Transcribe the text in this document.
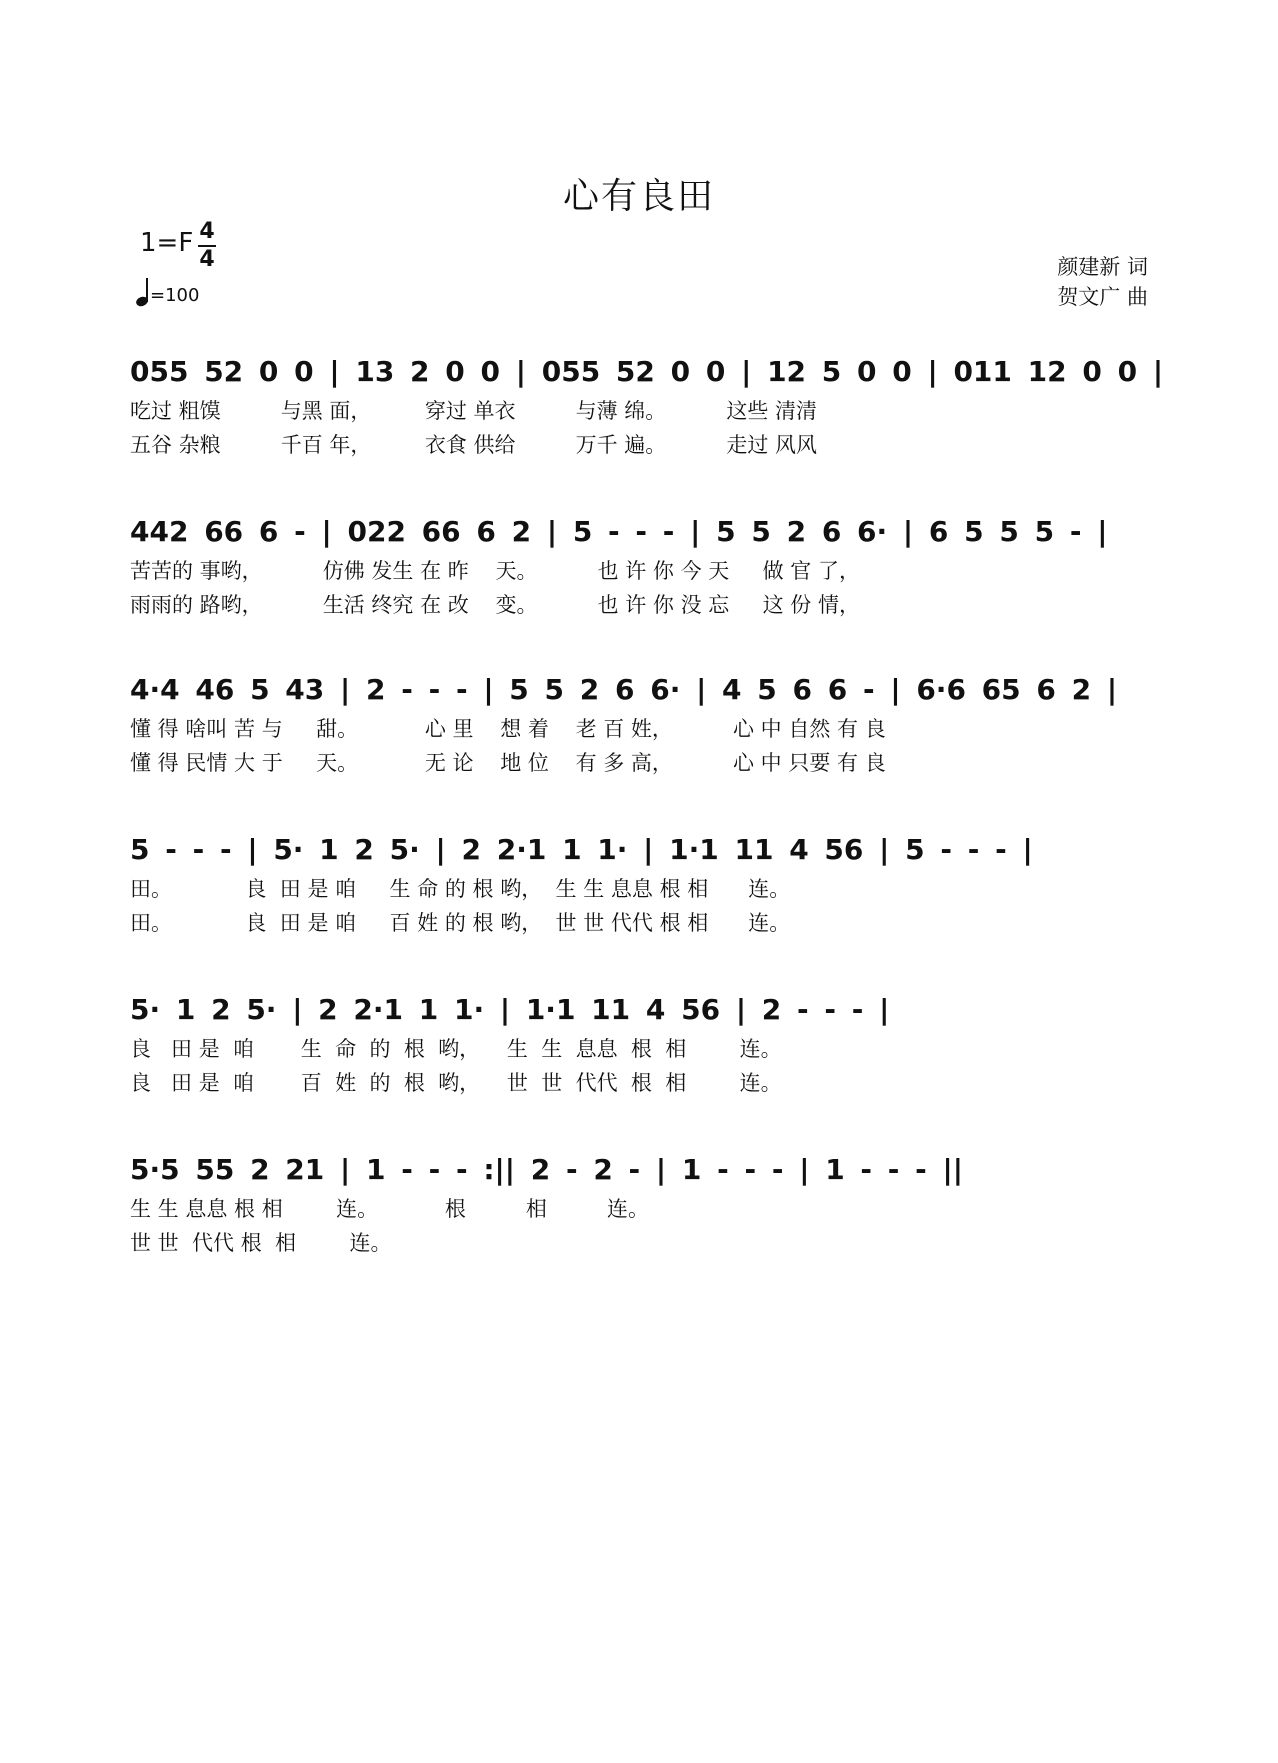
心有良田
1=F 4
4
=100
颜建新 词
贺文广 曲
055 52 0 0 | 13 2 0 0 | 055 52 0 0 | 12 5 0 0 | 011 12 0 0 |
吃过 粗馍         与黑 面，        穿过 单衣         与薄 绵。         这些 清清
五谷 杂粮         千百 年，        衣食 供给         万千 遍。         走过 风风
442 66 6 - | 022 66 6 2 | 5 - - - | 5 5 2 6 6· | 6 5 5 5 - |
苦苦的 事哟，         仿佛 发生 在 昨    天。         也 许 你 今 天     做 官 了，
雨雨的 路哟，         生活 终究 在 改    变。         也 许 你 没 忘     这 份 情，
4·4 46 5 43 | 2 - - - | 5 5 2 6 6· | 4 5 6 6 - | 6·6 65 6 2 |
懂 得 啥叫 苦 与     甜。          心 里    想 着    老 百 姓，         心 中 自然 有 良
懂 得 民情 大 于     天。          无 论    地 位    有 多 高，         心 中 只要 有 良
5 - - - | 5· 1 2 5· | 2 2·1 1 1· | 1·1 11 4 56 | 5 - - - |
田。           良  田 是 咱     生 命 的 根 哟，  生 生 息息 根 相      连。
田。           良  田 是 咱     百 姓 的 根 哟，  世 世 代代 根 相      连。
5· 1 2 5· | 2 2·1 1 1· | 1·1 11 4 56 | 2 - - - |
良   田 是  咱       生  命  的  根  哟，    生  生  息息  根  相        连。
良   田 是  咱       百  姓  的  根  哟，    世  世  代代  根  相        连。
5·5 55 2 21 | 1 - - - :|| 2 - 2 - | 1 - - - | 1 - - - ||
生 生 息息 根 相        连。          根         相         连。
世 世  代代 根  相        连。
